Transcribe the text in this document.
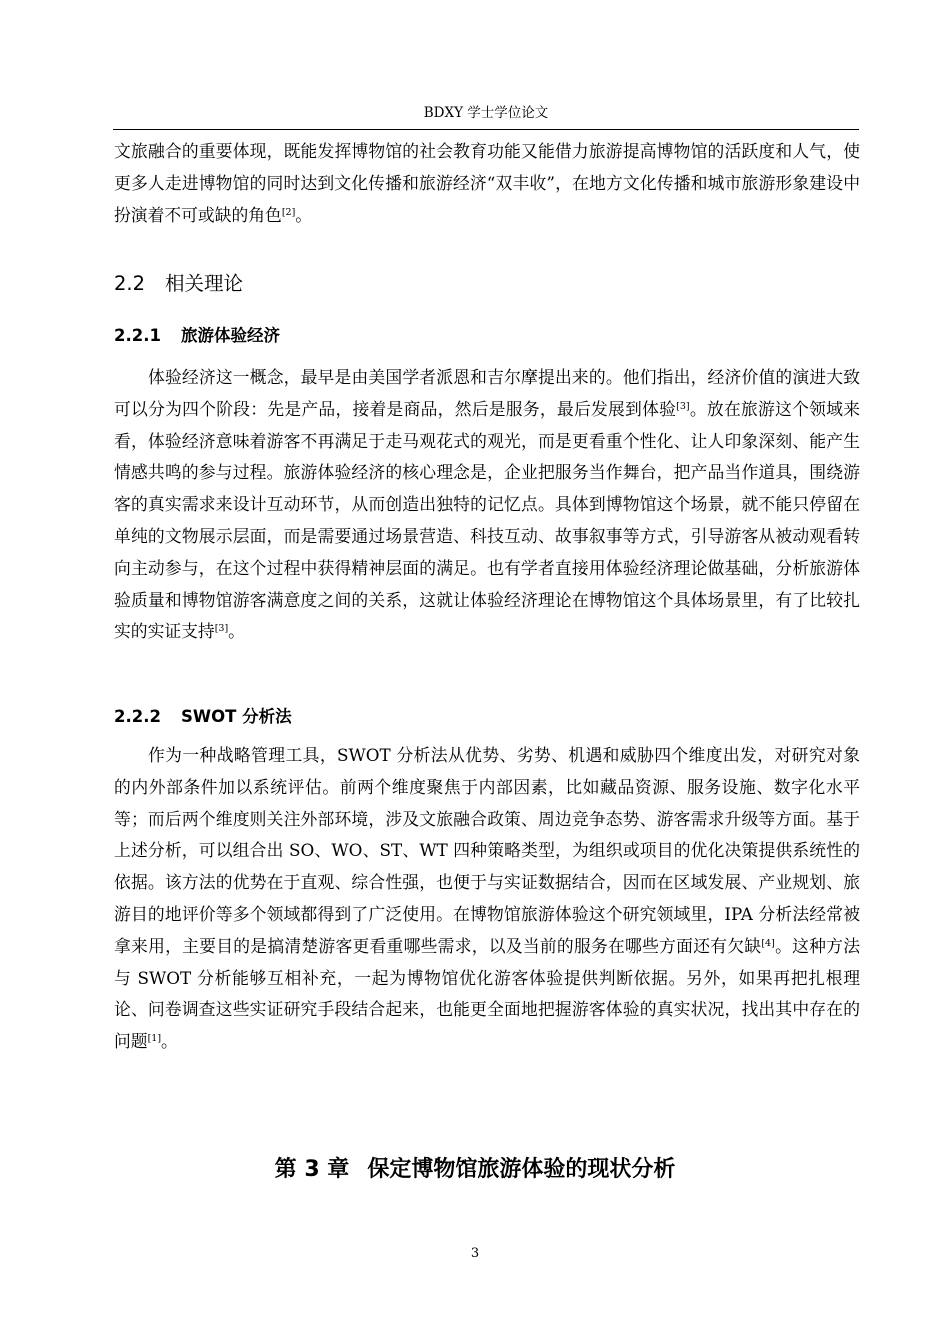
BDXY 学士学位论文

文旅融合的重要体现，既能发挥博物馆的社会教育功能又能借力旅游提高博物馆的活跃度和人气，使更多人走进博物馆的同时达到文化传播和旅游经济“双丰收”，在地方文化传播和城市旅游形象建设中扮演着不可或缺的角色[2]。

2.2 相关理论
2.2.1 旅游体验经济

体验经济这一概念，最早是由美国学者派恩和吉尔摩提出来的。他们指出，经济价值的演进大致可以分为四个阶段：先是产品，接着是商品，然后是服务，最后发展到体验[3]。放在旅游这个领域来看，体验经济意味着游客不再满足于走马观花式的观光，而是更看重个性化、让人印象深刻、能产生情感共鸣的参与过程。旅游体验经济的核心理念是，企业把服务当作舞台，把产品当作道具，围绕游客的真实需求来设计互动环节，从而创造出独特的记忆点。具体到博物馆这个场景，就不能只停留在单纯的文物展示层面，而是需要通过场景营造、科技互动、故事叙事等方式，引导游客从被动观看转向主动参与，在这个过程中获得精神层面的满足。也有学者直接用体验经济理论做基础，分析旅游体验质量和博物馆游客满意度之间的关系，这就让体验经济理论在博物馆这个具体场景里，有了比较扎实的实证支持[3]。

2.2.2 SWOT 分析法

作为一种战略管理工具，SWOT 分析法从优势、劣势、机遇和威胁四个维度出发，对研究对象的内外部条件加以系统评估。前两个维度聚焦于内部因素，比如藏品资源、服务设施、数字化水平等；而后两个维度则关注外部环境，涉及文旅融合政策、周边竞争态势、游客需求升级等方面。基于上述分析，可以组合出 SO、WO、ST、WT 四种策略类型，为组织或项目的优化决策提供系统性的依据。该方法的优势在于直观、综合性强，也便于与实证数据结合，因而在区域发展、产业规划、旅游目的地评价等多个领域都得到了广泛使用。在博物馆旅游体验这个研究领域里，IPA 分析法经常被拿来用，主要目的是搞清楚游客更看重哪些需求，以及当前的服务在哪些方面还有欠缺[4]。这种方法与 SWOT 分析能够互相补充，一起为博物馆优化游客体验提供判断依据。另外，如果再把扎根理论、问卷调查这些实证研究手段结合起来，也能更全面地把握游客体验的真实状况，找出其中存在的问题[1]。

第 3 章 保定博物馆旅游体验的现状分析
3
